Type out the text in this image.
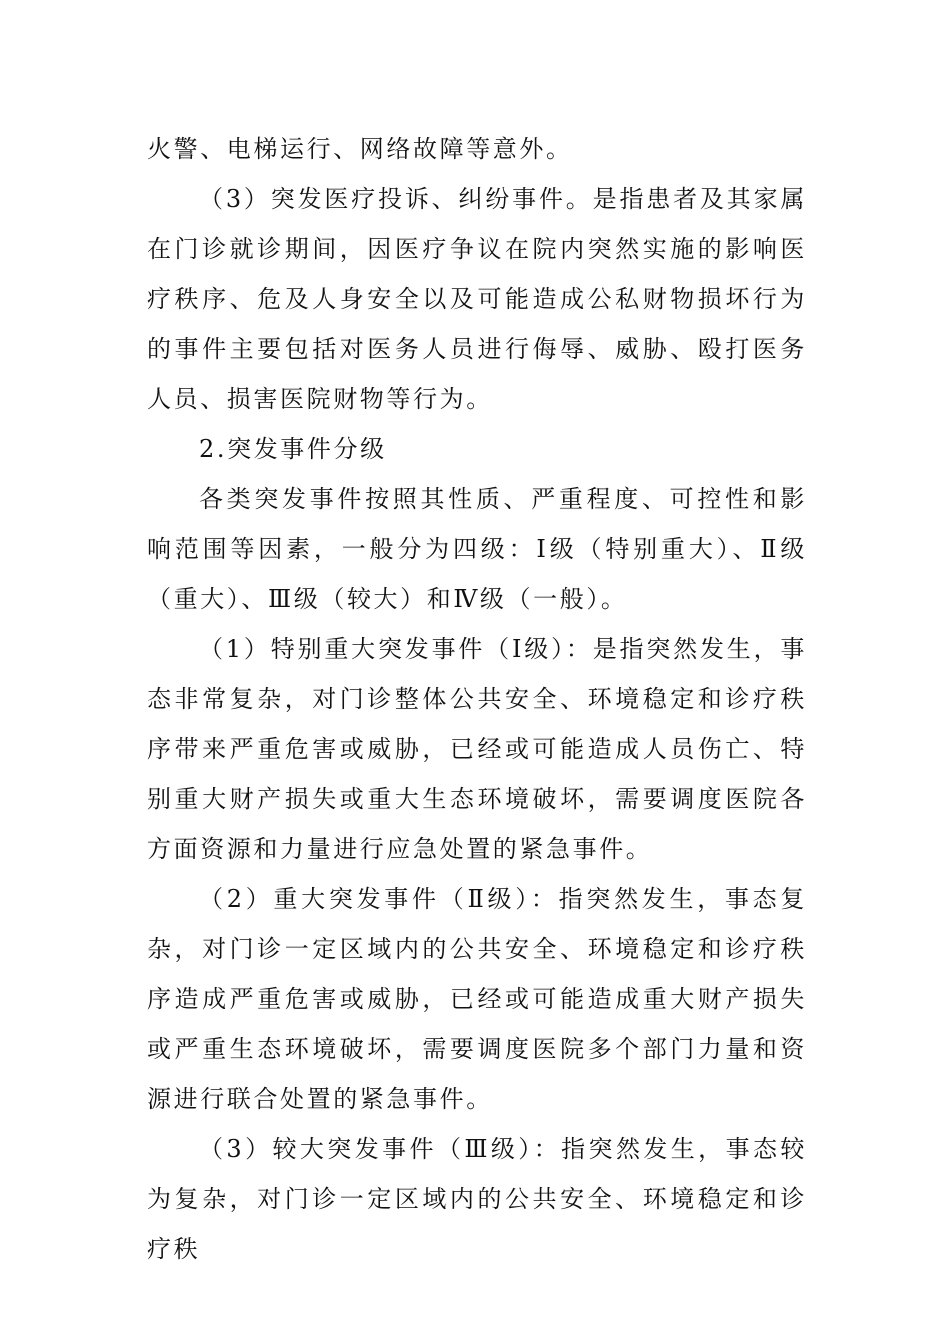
火警、电梯运行、网络故障等意外。

（3）突发医疗投诉、纠纷事件。是指患者及其家属在门诊就诊期间，因医疗争议在院内突然实施的影响医疗秩序、危及人身安全以及可能造成公私财物损坏行为的事件主要包括对医务人员进行侮辱、威胁、殴打医务人员、损害医院财物等行为。

2.突发事件分级

各类突发事件按照其性质、严重程度、可控性和影响范围等因素，一般分为四级：Ⅰ级（特别重大）、Ⅱ级（重大）、Ⅲ级（较大）和Ⅳ级（一般）。

（1）特别重大突发事件（Ⅰ级）：是指突然发生，事态非常复杂，对门诊整体公共安全、环境稳定和诊疗秩序带来严重危害或威胁，已经或可能造成人员伤亡、特别重大财产损失或重大生态环境破坏，需要调度医院各方面资源和力量进行应急处置的紧急事件。

（2）重大突发事件（Ⅱ级）：指突然发生，事态复杂，对门诊一定区域内的公共安全、环境稳定和诊疗秩序造成严重危害或威胁，已经或可能造成重大财产损失或严重生态环境破坏，需要调度医院多个部门力量和资源进行联合处置的紧急事件。

（3）较大突发事件（Ⅲ级）：指突然发生，事态较为复杂，对门诊一定区域内的公共安全、环境稳定和诊疗秩
